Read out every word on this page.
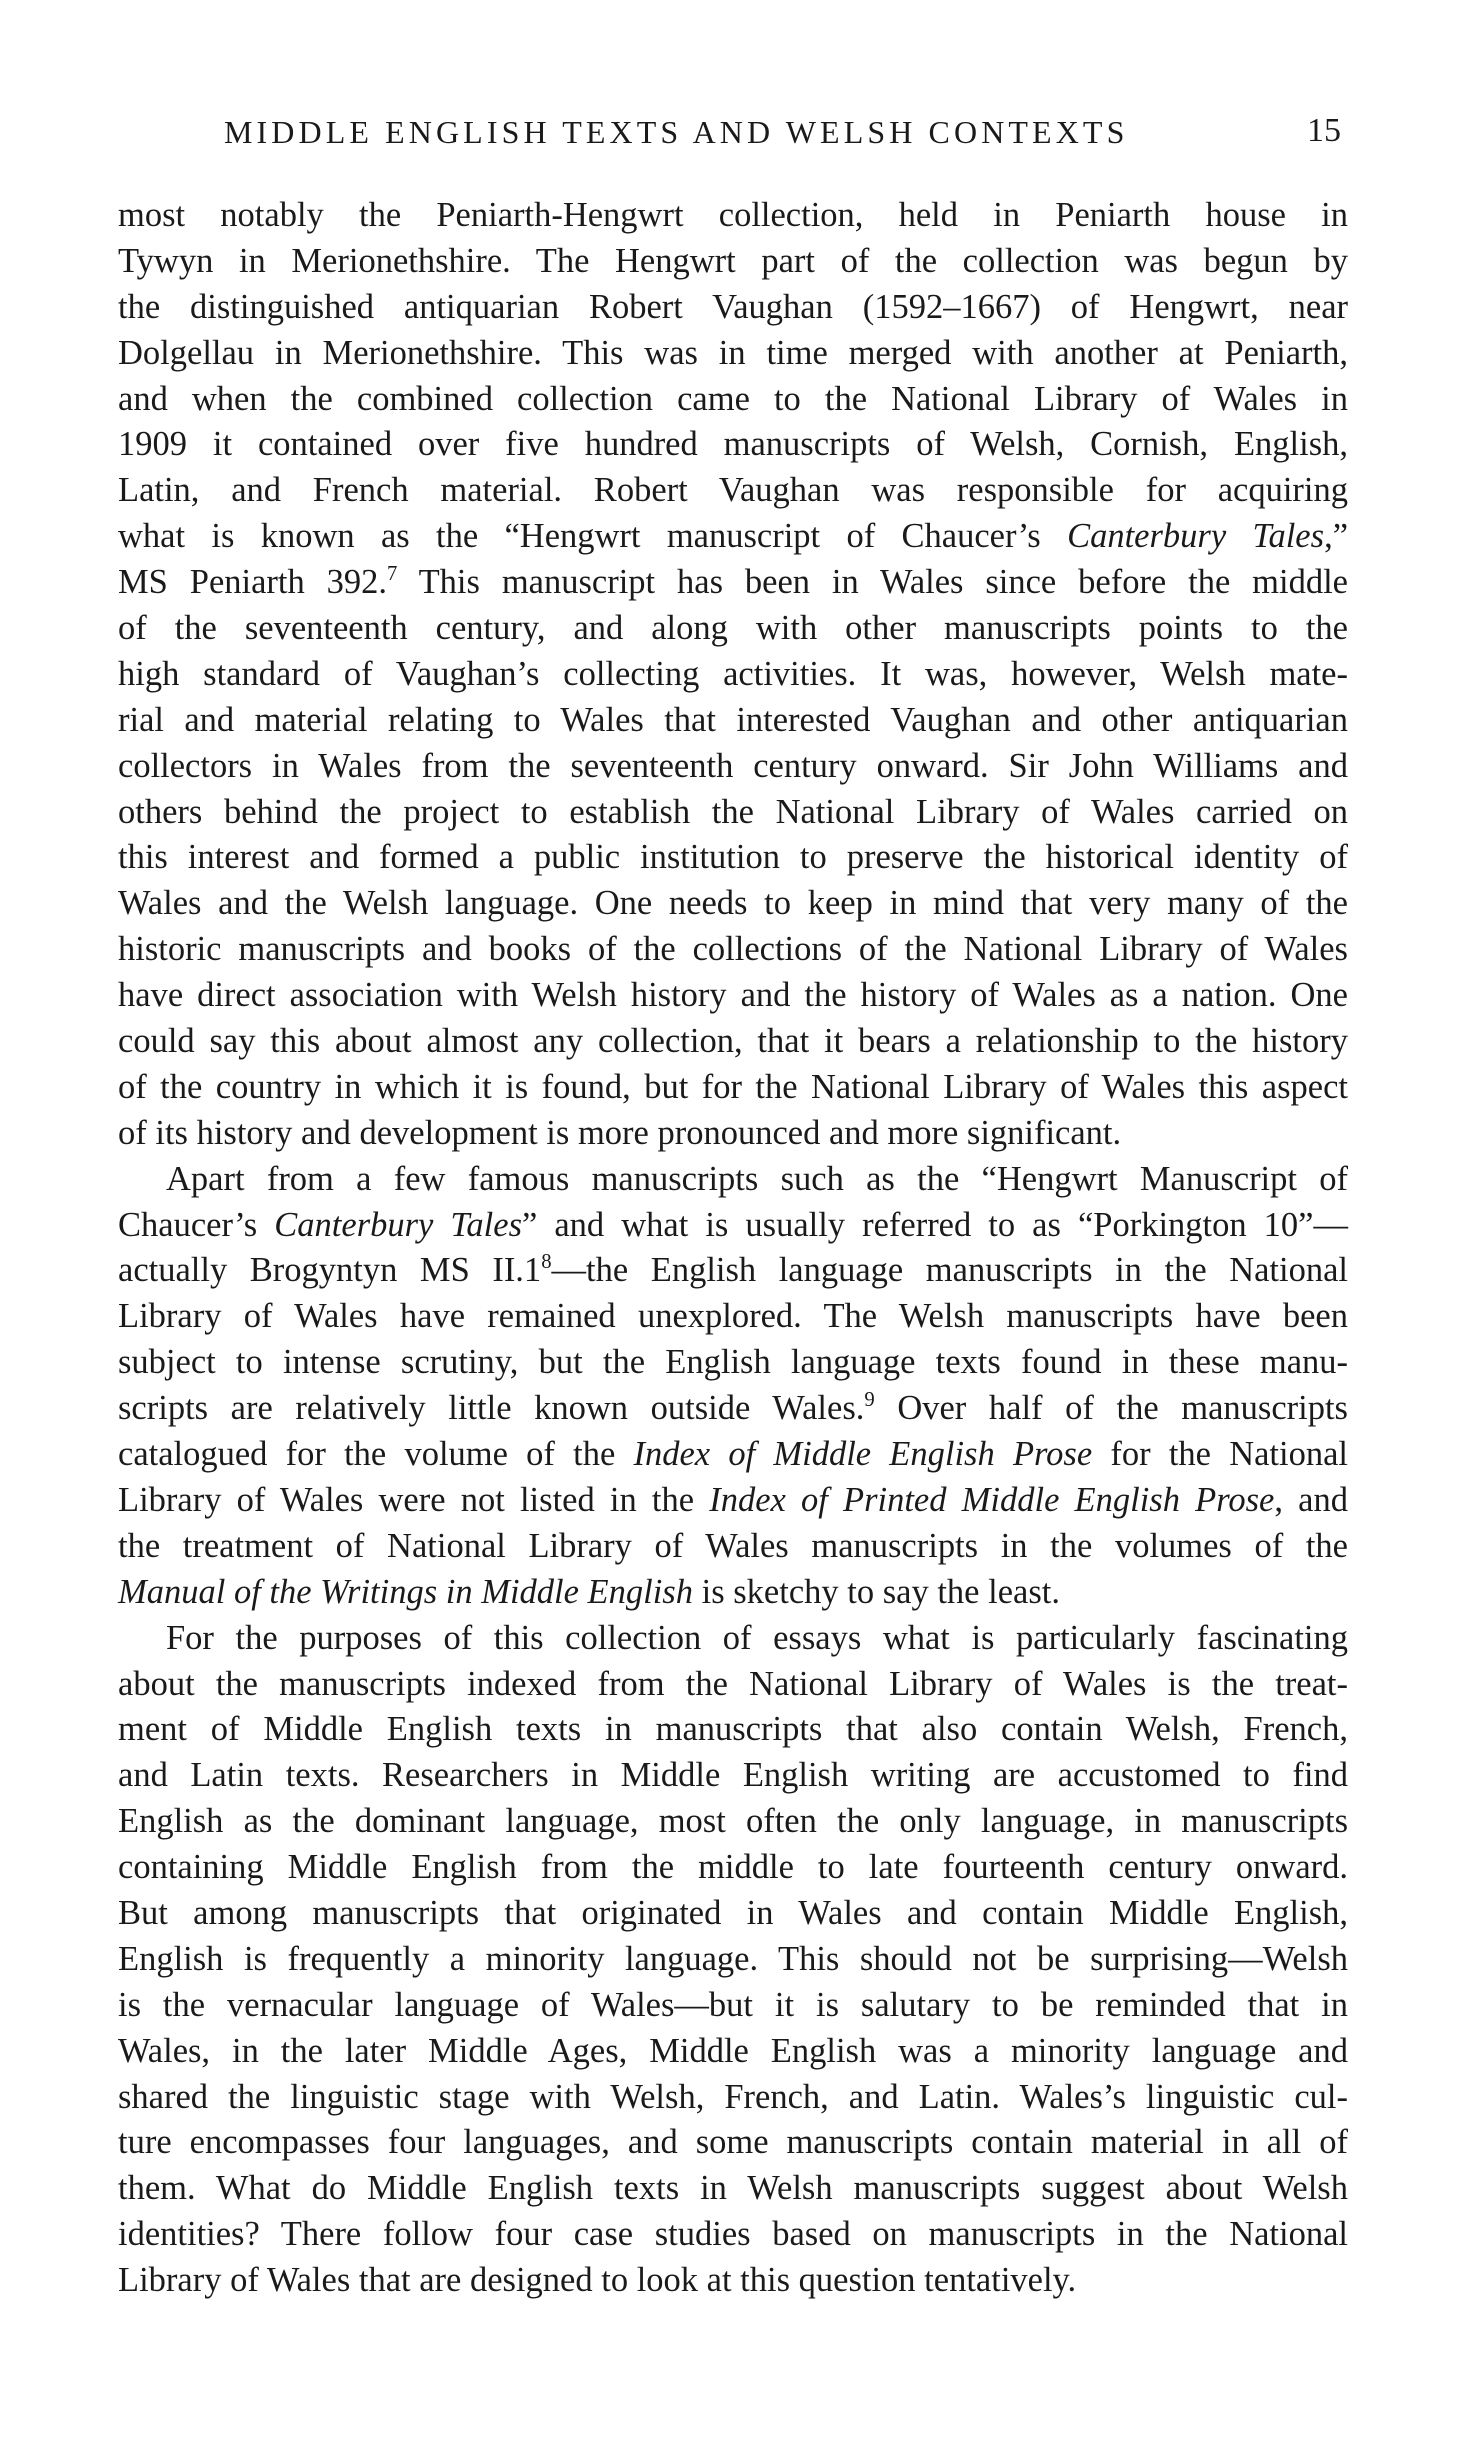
MIDDLE ENGLISH TEXTS AND WELSH CONTEXTS	15
most notably the Peniarth-Hengwrt collection, held in Peniarth house in
Tywyn in Merionethshire. The Hengwrt part of the collection was begun by
the distinguished antiquarian Robert Vaughan (1592–1667) of Hengwrt, near
Dolgellau in Merionethshire. This was in time merged with another at Peniarth,
and when the combined collection came to the National Library of Wales in
1909 it contained over five hundred manuscripts of Welsh, Cornish, English,
Latin, and French material. Robert Vaughan was responsible for acquiring
what is known as the “Hengwrt manuscript of Chaucer’s Canterbury Tales,”
MS Peniarth 392.$^7$ This manuscript has been in Wales since before the middle
of the seventeenth century, and along with other manuscripts points to the
high standard of Vaughan’s collecting activities. It was, however, Welsh mate-
rial and material relating to Wales that interested Vaughan and other antiquarian
collectors in Wales from the seventeenth century onward. Sir John Williams and
others behind the project to establish the National Library of Wales carried on
this interest and formed a public institution to preserve the historical identity of
Wales and the Welsh language. One needs to keep in mind that very many of the
historic manuscripts and books of the collections of the National Library of Wales
have direct association with Welsh history and the history of Wales as a nation. One
could say this about almost any collection, that it bears a relationship to the history
of the country in which it is found, but for the National Library of Wales this aspect
of its history and development is more pronounced and more significant.
Apart from a few famous manuscripts such as the “Hengwrt Manuscript of
Chaucer’s Canterbury Tales” and what is usually referred to as “Porkington 10”—
actually Brogyntyn MS $II.1^8—the$ English language manuscripts in the National
Library of Wales have remained unexplored. The Welsh manuscripts have been
subject to intense scrutiny, but the English language texts found in these manu-
scripts are relatively little known outside Wales.$^9$ Over half of the manuscripts
catalogued for the volume of the Index of Middle English Prose for the National
Library of Wales were not listed in the Index of Printed Middle English Prose, and
the treatment of National Library of Wales manuscripts in the volumes of the
Manual of the Writings in Middle English is sketchy to say the least.
For the purposes of this collection of essays what is particularly fascinating
about the manuscripts indexed from the National Library of Wales is the treat-
ment of Middle English texts in manuscripts that also contain Welsh, French,
and Latin texts. Researchers in Middle English writing are accustomed to find
English as the dominant language, most often the only language, in manuscripts
containing Middle English from the middle to late fourteenth century onward.
But among manuscripts that originated in Wales and contain Middle English,
English is frequently a minority language. This should not be surprising—Welsh
is the vernacular language of Wales—but it is salutary to be reminded that in
Wales, in the later Middle Ages, Middle English was a minority language and
shared the linguistic stage with Welsh, French, and Latin. Wales’s linguistic cul-
ture encompasses four languages, and some manuscripts contain material in all of
them. What do Middle English texts in Welsh manuscripts suggest about Welsh
identities? There follow four case studies based on manuscripts in the National
Library of Wales that are designed to look at this question tentatively.
